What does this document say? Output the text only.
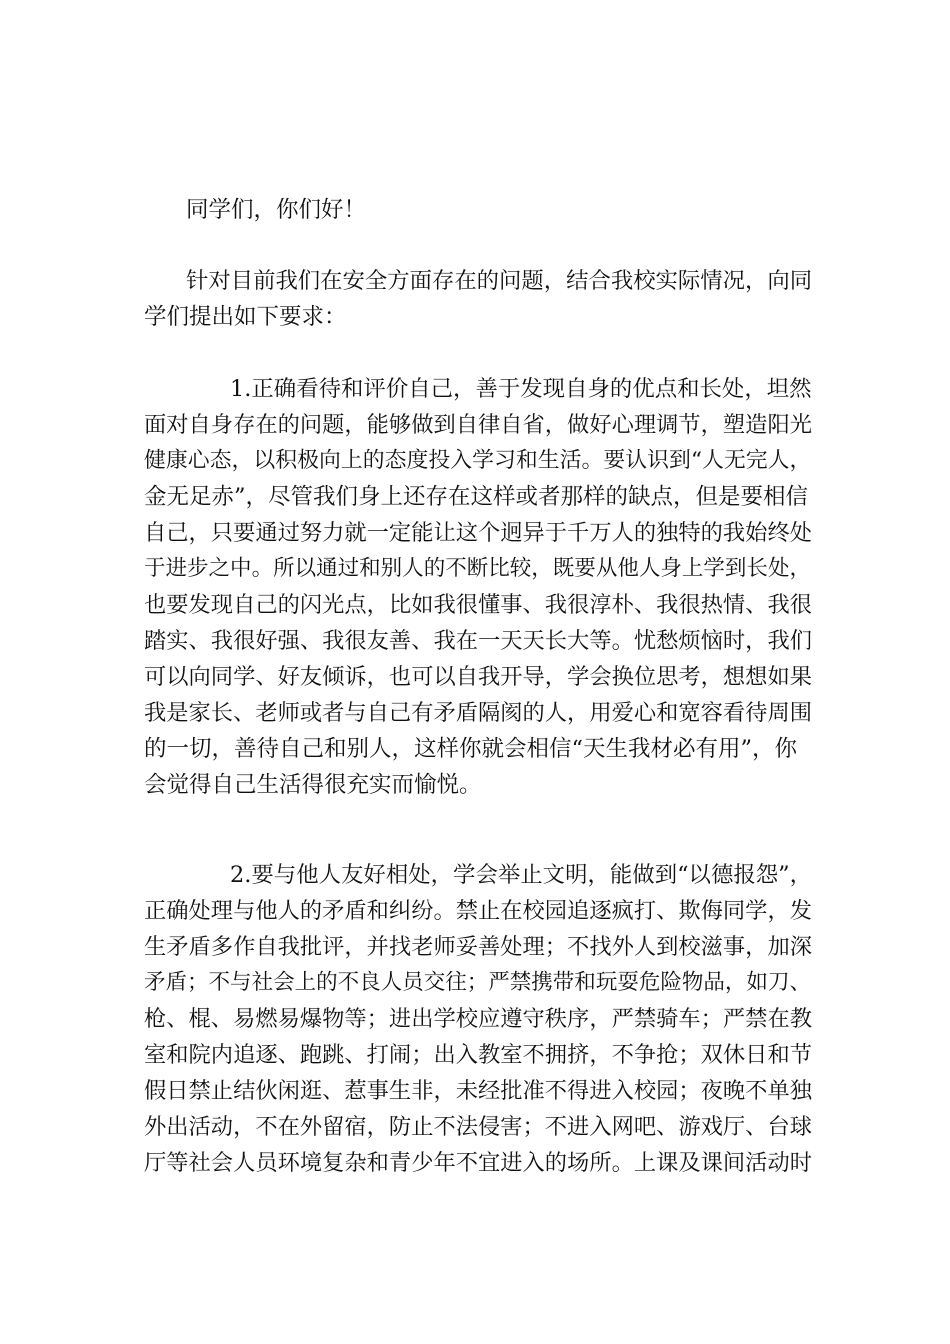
同学们，你们好！
针对目前我们在安全方面存在的问题，结合我校实际情况，向同
学们提出如下要求：
1.正确看待和评价自己，善于发现自身的优点和长处，坦然
面对自身存在的问题，能够做到自律自省，做好心理调节，塑造阳光
健康心态，以积极向上的态度投入学习和生活。要认识到“人无完人，
金无足赤”，尽管我们身上还存在这样或者那样的缺点，但是要相信
自己，只要通过努力就一定能让这个迥异于千万人的独特的我始终处
于进步之中。所以通过和别人的不断比较，既要从他人身上学到长处，
也要发现自己的闪光点，比如我很懂事、我很淳朴、我很热情、我很
踏实、我很好强、我很友善、我在一天天长大等。忧愁烦恼时，我们
可以向同学、好友倾诉，也可以自我开导，学会换位思考，想想如果
我是家长、老师或者与自己有矛盾隔阂的人，用爱心和宽容看待周围
的一切，善待自己和别人，这样你就会相信“天生我材必有用”，你
会觉得自己生活得很充实而愉悦。
2.要与他人友好相处，学会举止文明，能做到“以德报怨”，
正确处理与他人的矛盾和纠纷。禁止在校园追逐疯打、欺侮同学，发
生矛盾多作自我批评，并找老师妥善处理；不找外人到校滋事，加深
矛盾；不与社会上的不良人员交往；严禁携带和玩耍危险物品，如刀、
枪、棍、易燃易爆物等；进出学校应遵守秩序，严禁骑车；严禁在教
室和院内追逐、跑跳、打闹；出入教室不拥挤，不争抢；双休日和节
假日禁止结伙闲逛、惹事生非，未经批准不得进入校园；夜晚不单独
外出活动，不在外留宿，防止不法侵害；不进入网吧、游戏厅、台球
厅等社会人员环境复杂和青少年不宜进入的场所。上课及课间活动时
